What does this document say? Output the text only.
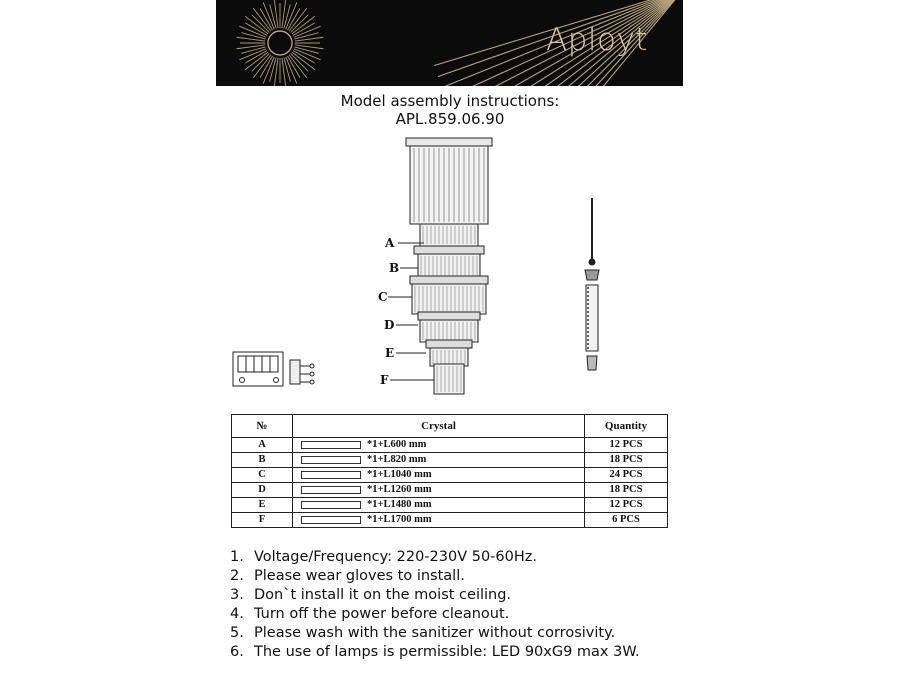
Aployt
Model assembly instructions:
APL.859.06.90
A
B
C
D
E
F
№	Crystal	Quantity
A	*1+L600 mm	12 PCS
B	*1+L820 mm	18 PCS
C	*1+L1040 mm	24 PCS
D	*1+L1260 mm	18 PCS
E	*1+L1480 mm	12 PCS
F	*1+L1700 mm	6 PCS
1. Voltage/Frequency: 220-230V 50-60Hz.
2. Please wear gloves to install.
3. Don`t install it on the moist ceiling.
4. Turn off the power before cleanout.
5. Please wash with the sanitizer without corrosivity.
6. The use of lamps is permissible: LED 90xG9 max 3W.
